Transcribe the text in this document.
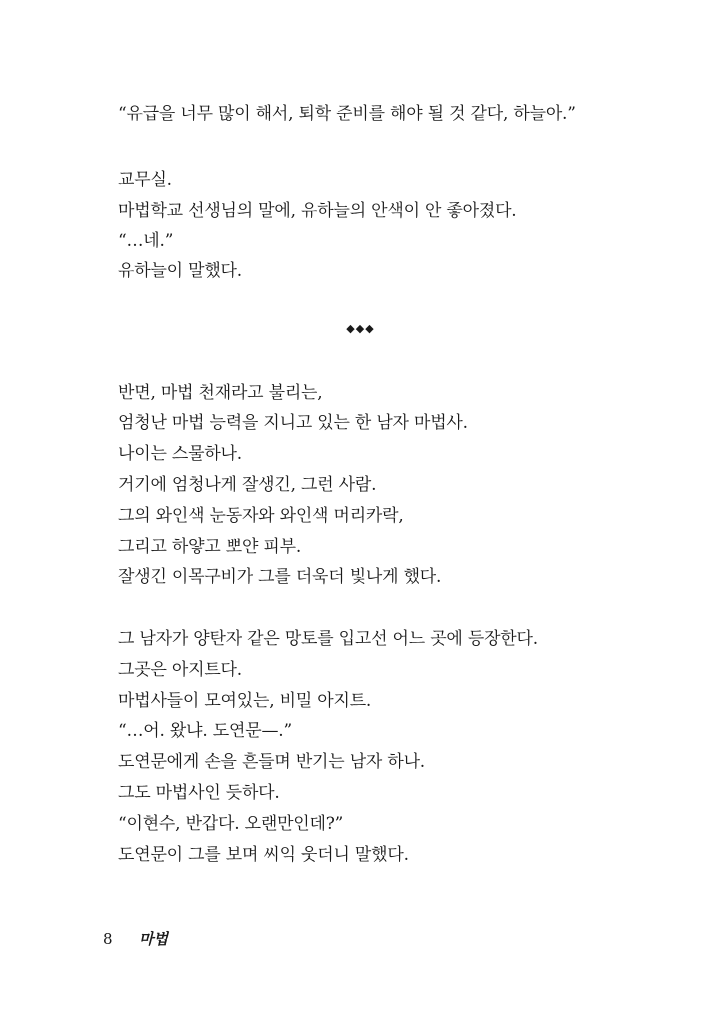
“유급을 너무 많이 해서, 퇴학 준비를 해야 될 것 같다, 하늘아.”
교무실.
마법학교 선생님의 말에, 유하늘의 안색이 안 좋아졌다.
“…네.”
유하늘이 말했다.
◆◆◆
반면, 마법 천재라고 불리는,
엄청난 마법 능력을 지니고 있는 한 남자 마법사.
나이는 스물하나.
거기에 엄청나게 잘생긴, 그런 사람.
그의 와인색 눈동자와 와인색 머리카락,
그리고 하얗고 뽀얀 피부.
잘생긴 이목구비가 그를 더욱더 빛나게 했다.
그 남자가 양탄자 같은 망토를 입고선 어느 곳에 등장한다.
그곳은 아지트다.
마법사들이 모여있는, 비밀 아지트.
“…어. 왔냐. 도연문—.”
도연문에게 손을 흔들며 반기는 남자 하나.
그도 마법사인 듯하다.
“이현수, 반갑다. 오랜만인데?”
도연문이 그를 보며 씨익 웃더니 말했다.
8 마법
